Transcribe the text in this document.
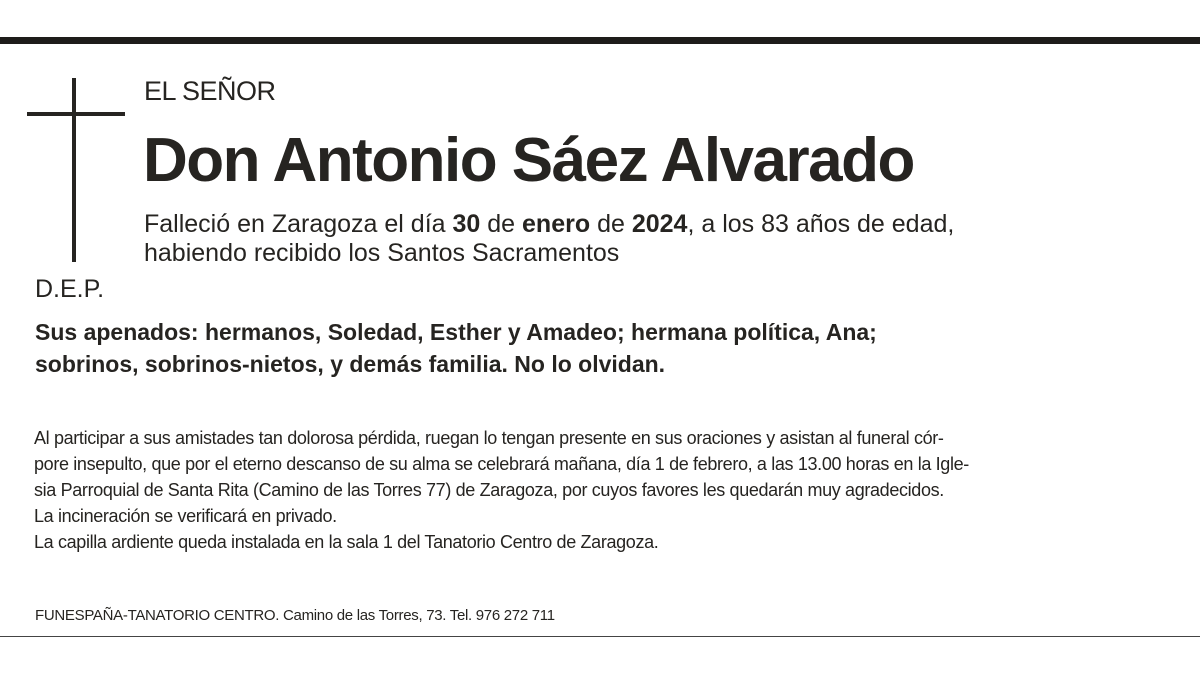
EL SEÑOR
Don Antonio Sáez Alvarado
Falleció en Zaragoza el día 30 de enero de 2024, a los 83 años de edad,
habiendo recibido los Santos Sacramentos
D.E.P.
Sus apenados: hermanos, Soledad, Esther y Amadeo; hermana política, Ana;
sobrinos, sobrinos-nietos, y demás familia. No lo olvidan.
Al participar a sus amistades tan dolorosa pérdida, ruegan lo tengan presente en sus oraciones y asistan al funeral cór-
pore insepulto, que por el eterno descanso de su alma se celebrará mañana, día 1 de febrero, a las 13.00 horas en la Igle-
sia Parroquial de Santa Rita (Camino de las Torres 77) de Zaragoza, por cuyos favores les quedarán muy agradecidos.
La incineración se verificará en privado.
La capilla ardiente queda instalada en la sala 1 del Tanatorio Centro de Zaragoza.
FUNESPAÑA-TANATORIO CENTRO. Camino de las Torres, 73. Tel. 976 272 711
